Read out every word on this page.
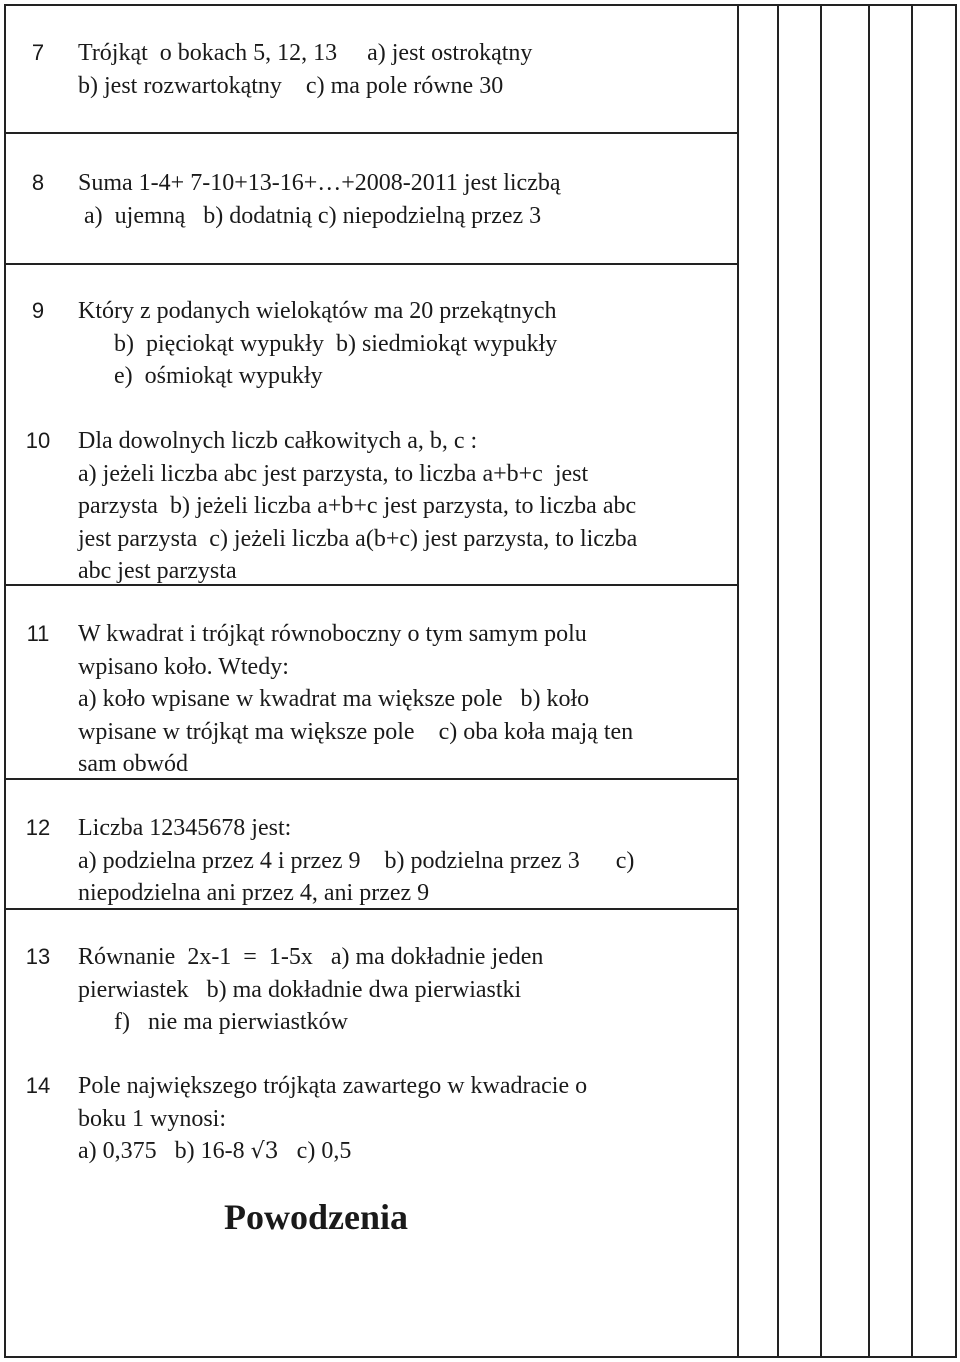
7	Trójkąt  o bokach 5, 12, 13     a) jest ostrokątny
b) jest rozwartokątny    c) ma pole równe 30
8	Suma 1-4+ 7-10+13-16+…+2008-2011 jest liczbą
a)  ujemną   b) dodatnią c) niepodzielną przez 3
9	Który z podanych wielokątów ma 20 przekątnych
b)  pięciokąt wypukły  b) siedmiokąt wypukły
e)  ośmiokąt wypukły
10	Dla dowolnych liczb całkowitych a, b, c :
a) jeżeli liczba abc jest parzysta, to liczba a+b+c  jest
parzysta  b) jeżeli liczba a+b+c jest parzysta, to liczba abc
jest parzysta  c) jeżeli liczba a(b+c) jest parzysta, to liczba
abc jest parzysta
11	W kwadrat i trójkąt równoboczny o tym samym polu
wpisano koło. Wtedy:
a) koło wpisane w kwadrat ma większe pole   b) koło
wpisane w trójkąt ma większe pole    c) oba koła mają ten
sam obwód
12	Liczba 12345678 jest:
a) podzielna przez 4 i przez 9    b) podzielna przez 3      c)
niepodzielna ani przez 4, ani przez 9
13	Równanie  2x-1  =  1-5x   a) ma dokładnie jeden
pierwiastek   b) ma dokładnie dwa pierwiastki
f)   nie ma pierwiastków
14	Pole największego trójkąta zawartego w kwadracie o
boku 1 wynosi:
a) 0,375   b) 16-8 √3   c) 0,5
Powodzenia
